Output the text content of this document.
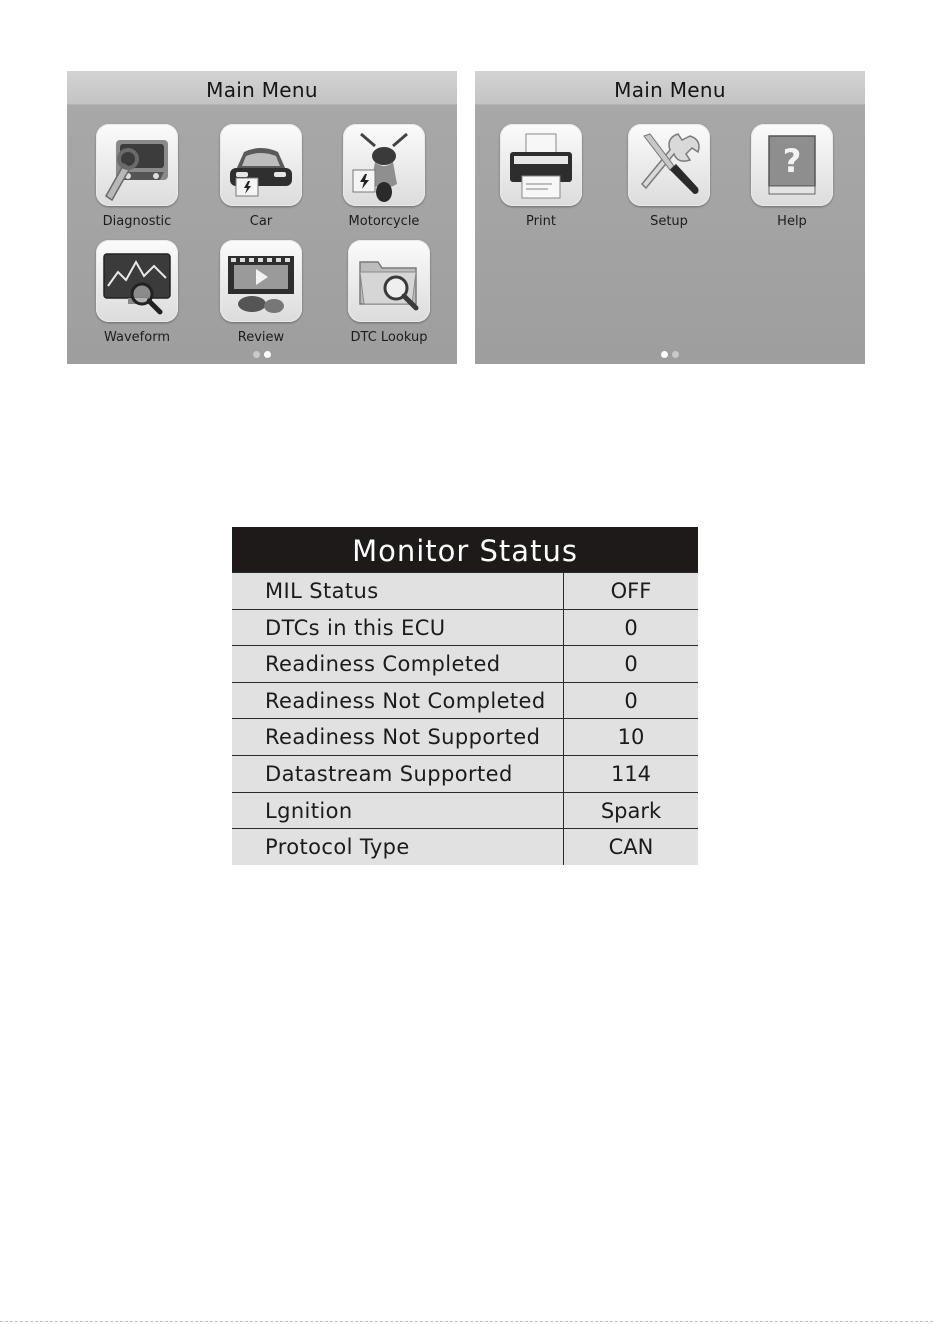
Main Menu
Diagnostic	Car	Motorcycle
Waveform	Review	DTC Lookup
Main Menu
Print	Setup
?
Help
Monitor Status
MIL Status	OFF
DTCs in this ECU	0
Readiness Completed	0
Readiness Not Completed	0
Readiness Not Supported	10
Datastream Supported	114
Lgnition	Spark
Protocol Type	CAN
